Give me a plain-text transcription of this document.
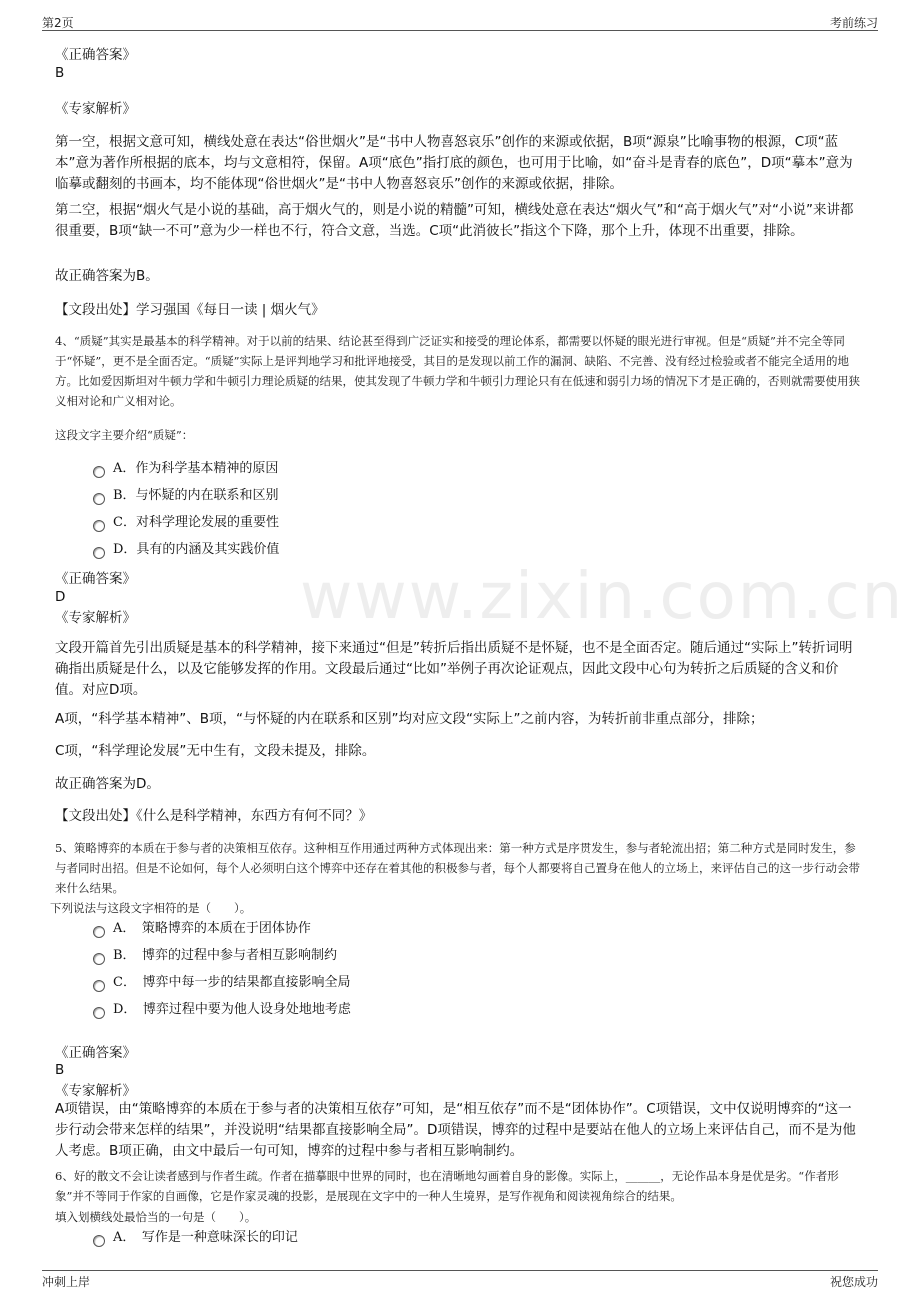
www.zixin.com.cn
第2页	考前练习
《正确答案》
B
《专家解析》
第一空，根据文意可知，横线处意在表达“俗世烟火”是“书中人物喜怒哀乐”创作的来源或依据，B项“源泉”比喻事物的根源，C项“蓝本”意为著作所根据的底本，均与文意相符，保留。A项“底色”指打底的颜色，也可用于比喻，如“奋斗是青春的底色”，D项“摹本”意为临摹或翻刻的书画本，均不能体现“俗世烟火”是“书中人物喜怒哀乐”创作的来源或依据，排除。
第二空，根据“烟火气是小说的基础，高于烟火气的，则是小说的精髓”可知，横线处意在表达“烟火气”和“高于烟火气”对“小说”来讲都很重要，B项“缺一不可”意为少一样也不行，符合文意，当选。C项“此消彼长”指这个下降，那个上升，体现不出重要，排除。
故正确答案为B。
【文段出处】学习强国《每日一读 | 烟火气》
4、“质疑”其实是最基本的科学精神。对于以前的结果、结论甚至得到广泛证实和接受的理论体系，都需要以怀疑的眼光进行审视。但是“质疑”并不完全等同于“怀疑”，更不是全面否定。“质疑”实际上是评判地学习和批评地接受，其目的是发现以前工作的漏洞、缺陷、不完善、没有经过检验或者不能完全适用的地方。比如爱因斯坦对牛顿力学和牛顿引力理论质疑的结果，使其发现了牛顿力学和牛顿引力理论只有在低速和弱引力场的情况下才是正确的，否则就需要使用狭义相对论和广义相对论。
这段文字主要介绍“质疑”：
A．作为科学基本精神的原因
B．与怀疑的内在联系和区别
C．对科学理论发展的重要性
D．具有的内涵及其实践价值
《正确答案》
D
《专家解析》
文段开篇首先引出质疑是基本的科学精神，接下来通过“但是”转折后指出质疑不是怀疑，也不是全面否定。随后通过“实际上”转折词明确指出质疑是什么，以及它能够发挥的作用。文段最后通过“比如”举例子再次论证观点，因此文段中心句为转折之后质疑的含义和价值。对应D项。
A项，“科学基本精神”、B项，“与怀疑的内在联系和区别”均对应文段“实际上”之前内容，为转折前非重点部分，排除；
C项，“科学理论发展”无中生有，文段未提及，排除。
故正确答案为D。
【文段出处】《什么是科学精神，东西方有何不同？》
5、策略博弈的本质在于参与者的决策相互依存。这种相互作用通过两种方式体现出来：第一种方式是序贯发生，参与者轮流出招；第二种方式是同时发生，参与者同时出招。但是不论如何，每个人必须明白这个博弈中还存在着其他的积极参与者，每个人都要将自己置身在他人的立场上，来评估自己的这一步行动会带来什么结果。
下列说法与这段文字相符的是（　　）。
A．　策略博弈的本质在于团体协作
B．　博弈的过程中参与者相互影响制约
C．　博弈中每一步的结果都直接影响全局
D．　博弈过程中要为他人设身处地地考虑
《正确答案》
B
《专家解析》
A项错误，由“策略博弈的本质在于参与者的决策相互依存”可知，是“相互依存”而不是“团体协作”。C项错误，文中仅说明博弈的“这一步行动会带来怎样的结果”，并没说明“结果都直接影响全局”。D项错误，博弈的过程中是要站在他人的立场上来评估自己，而不是为他人考虑。B项正确，由文中最后一句可知，博弈的过程中参与者相互影响制约。
6、好的散文不会让读者感到与作者生疏。作者在描摹眼中世界的同时，也在清晰地勾画着自身的影像。实际上，______，无论作品本身是优是劣。“作者形象”并不等同于作家的自画像，它是作家灵魂的投影，是展现在文字中的一种人生境界，是写作视角和阅读视角综合的结果。
填入划横线处最恰当的一句是（　　）。
A．　写作是一种意味深长的印记
冲刺上岸	祝您成功
